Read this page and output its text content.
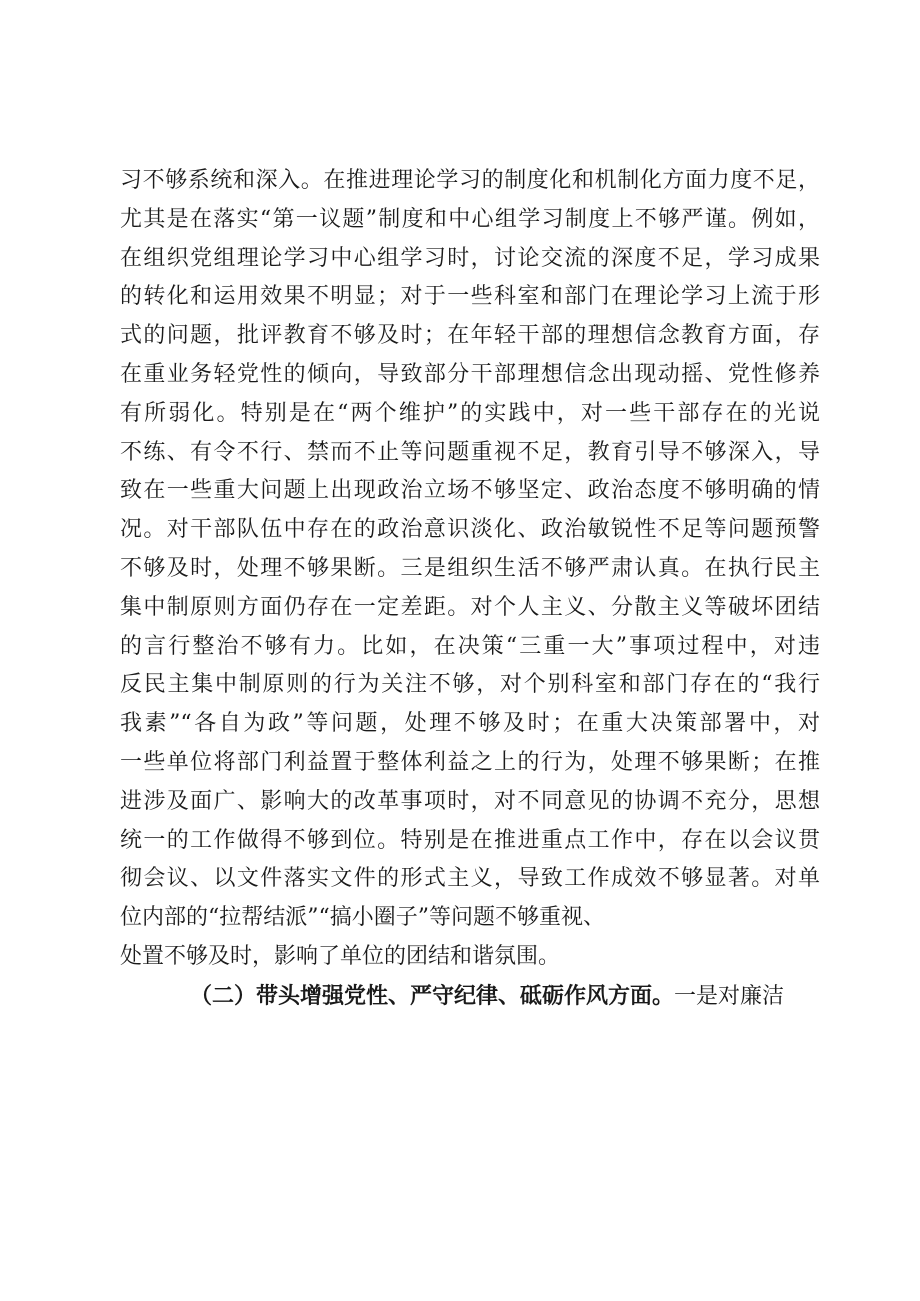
习不够系统和深入。在推进理论学习的制度化和机制化方面力度不足，
尤其是在落实“第一议题”制度和中心组学习制度上不够严谨。例如，
在组织党组理论学习中心组学习时，讨论交流的深度不足，学习成果
的转化和运用效果不明显；对于一些科室和部门在理论学习上流于形
式的问题，批评教育不够及时；在年轻干部的理想信念教育方面，存
在重业务轻党性的倾向，导致部分干部理想信念出现动摇、党性修养
有所弱化。特别是在“两个维护”的实践中，对一些干部存在的光说
不练、有令不行、禁而不止等问题重视不足，教育引导不够深入，导
致在一些重大问题上出现政治立场不够坚定、政治态度不够明确的情
况。对干部队伍中存在的政治意识淡化、政治敏锐性不足等问题预警
不够及时，处理不够果断。三是组织生活不够严肃认真。在执行民主
集中制原则方面仍存在一定差距。对个人主义、分散主义等破坏团结
的言行整治不够有力。比如，在决策“三重一大”事项过程中，对违
反民主集中制原则的行为关注不够，对个别科室和部门存在的“我行
我素”“各自为政”等问题，处理不够及时；在重大决策部署中，对
一些单位将部门利益置于整体利益之上的行为，处理不够果断；在推
进涉及面广、影响大的改革事项时，对不同意见的协调不充分，思想
统一的工作做得不够到位。特别是在推进重点工作中，存在以会议贯
彻会议、以文件落实文件的形式主义，导致工作成效不够显著。对单
位内部的“拉帮结派”“搞小圈子”等问题不够重视、
处置不够及时，影响了单位的团结和谐氛围。
（二）带头增强党性、严守纪律、砥砺作风方面。一是对廉洁
